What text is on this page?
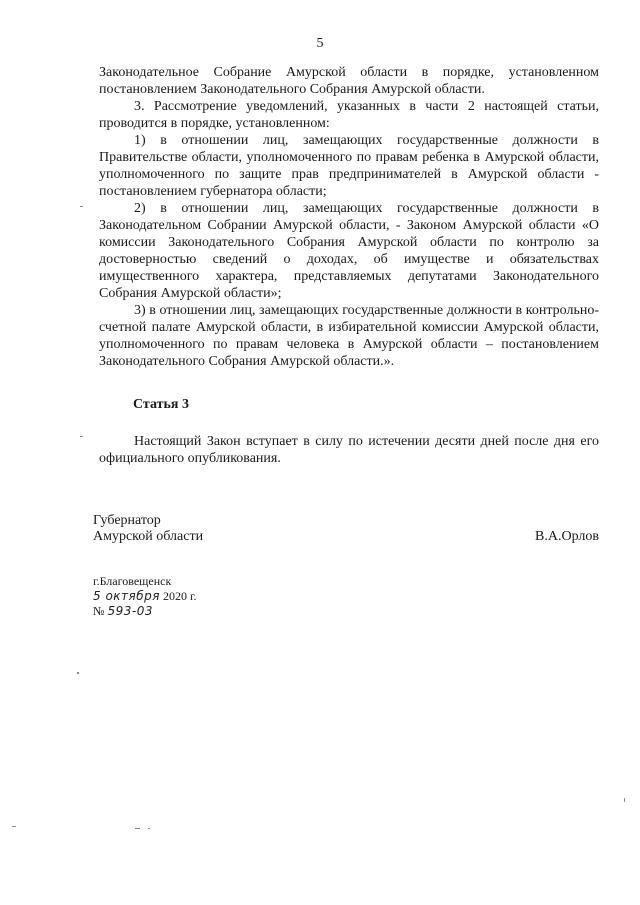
5

Законодательное Собрание Амурской области в порядке, установленном постановлением Законодательного Собрания Амурской области.

3. Рассмотрение уведомлений, указанных в части 2 настоящей статьи, проводится в порядке, установленном:

1) в отношении лиц, замещающих государственные должности в Правительстве области, уполномоченного по правам ребенка в Амурской области, уполномоченного по защите прав предпринимателей в Амурской области - постановлением губернатора области;

2) в отношении лиц, замещающих государственные должности в Законодательном Собрании Амурской области, - Законом Амурской области «О комиссии Законодательного Собрания Амурской области по контролю за достоверностью сведений о доходах, об имуществе и обязательствах имущественного характера, представляемых депутатами Законодательного Собрания Амурской области»;

3) в отношении лиц, замещающих государственные должности в контрольно-счетной палате Амурской области, в избирательной комиссии Амурской области, уполномоченного по правам человека в Амурской области – постановлением Законодательного Собрания Амурской области.».

Статья 3
Настоящий Закон вступает в силу по истечении десяти дней после дня его официального опубликования.
Губернатор
Амурской области	В.А.Орлов
г.Благовещенск
5 октября 2020 г.
№ 593-03
